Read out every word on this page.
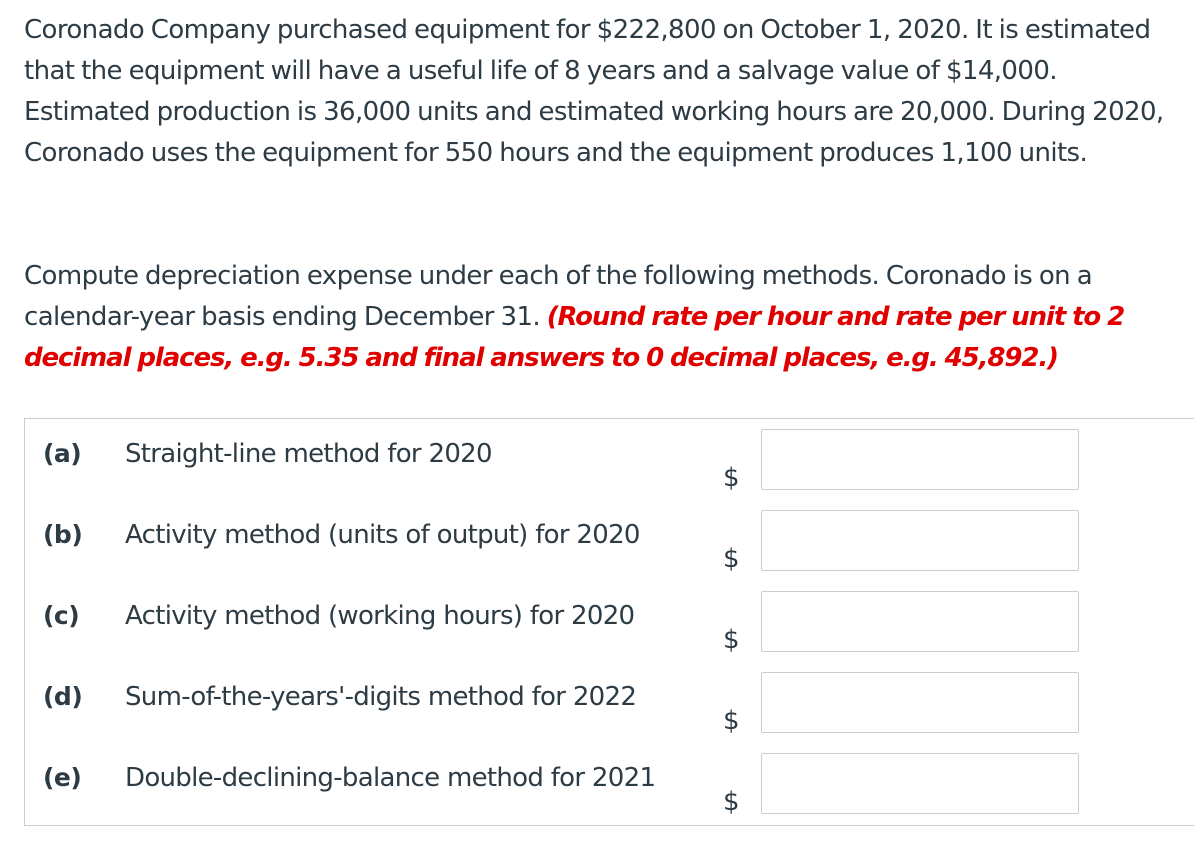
Coronado Company purchased equipment for $222,800 on October 1, 2020. It is estimated that the equipment will have a useful life of 8 years and a salvage value of $14,000. Estimated production is 36,000 units and estimated working hours are 20,000. During 2020, Coronado uses the equipment for 550 hours and the equipment produces 1,100 units.

Compute depreciation expense under each of the following methods. Coronado is on a calendar-year basis ending December 31. (Round rate per hour and rate per unit to 2 decimal places, e.g. 5.35 and final answers to 0 decimal places, e.g. 45,892.)

(a) Straight-line method for 2020
$
(b) Activity method (units of output) for 2020
$
(c) Activity method (working hours) for 2020
$
(d) Sum-of-the-years'-digits method for 2022
$
(e) Double-declining-balance method for 2021
$
